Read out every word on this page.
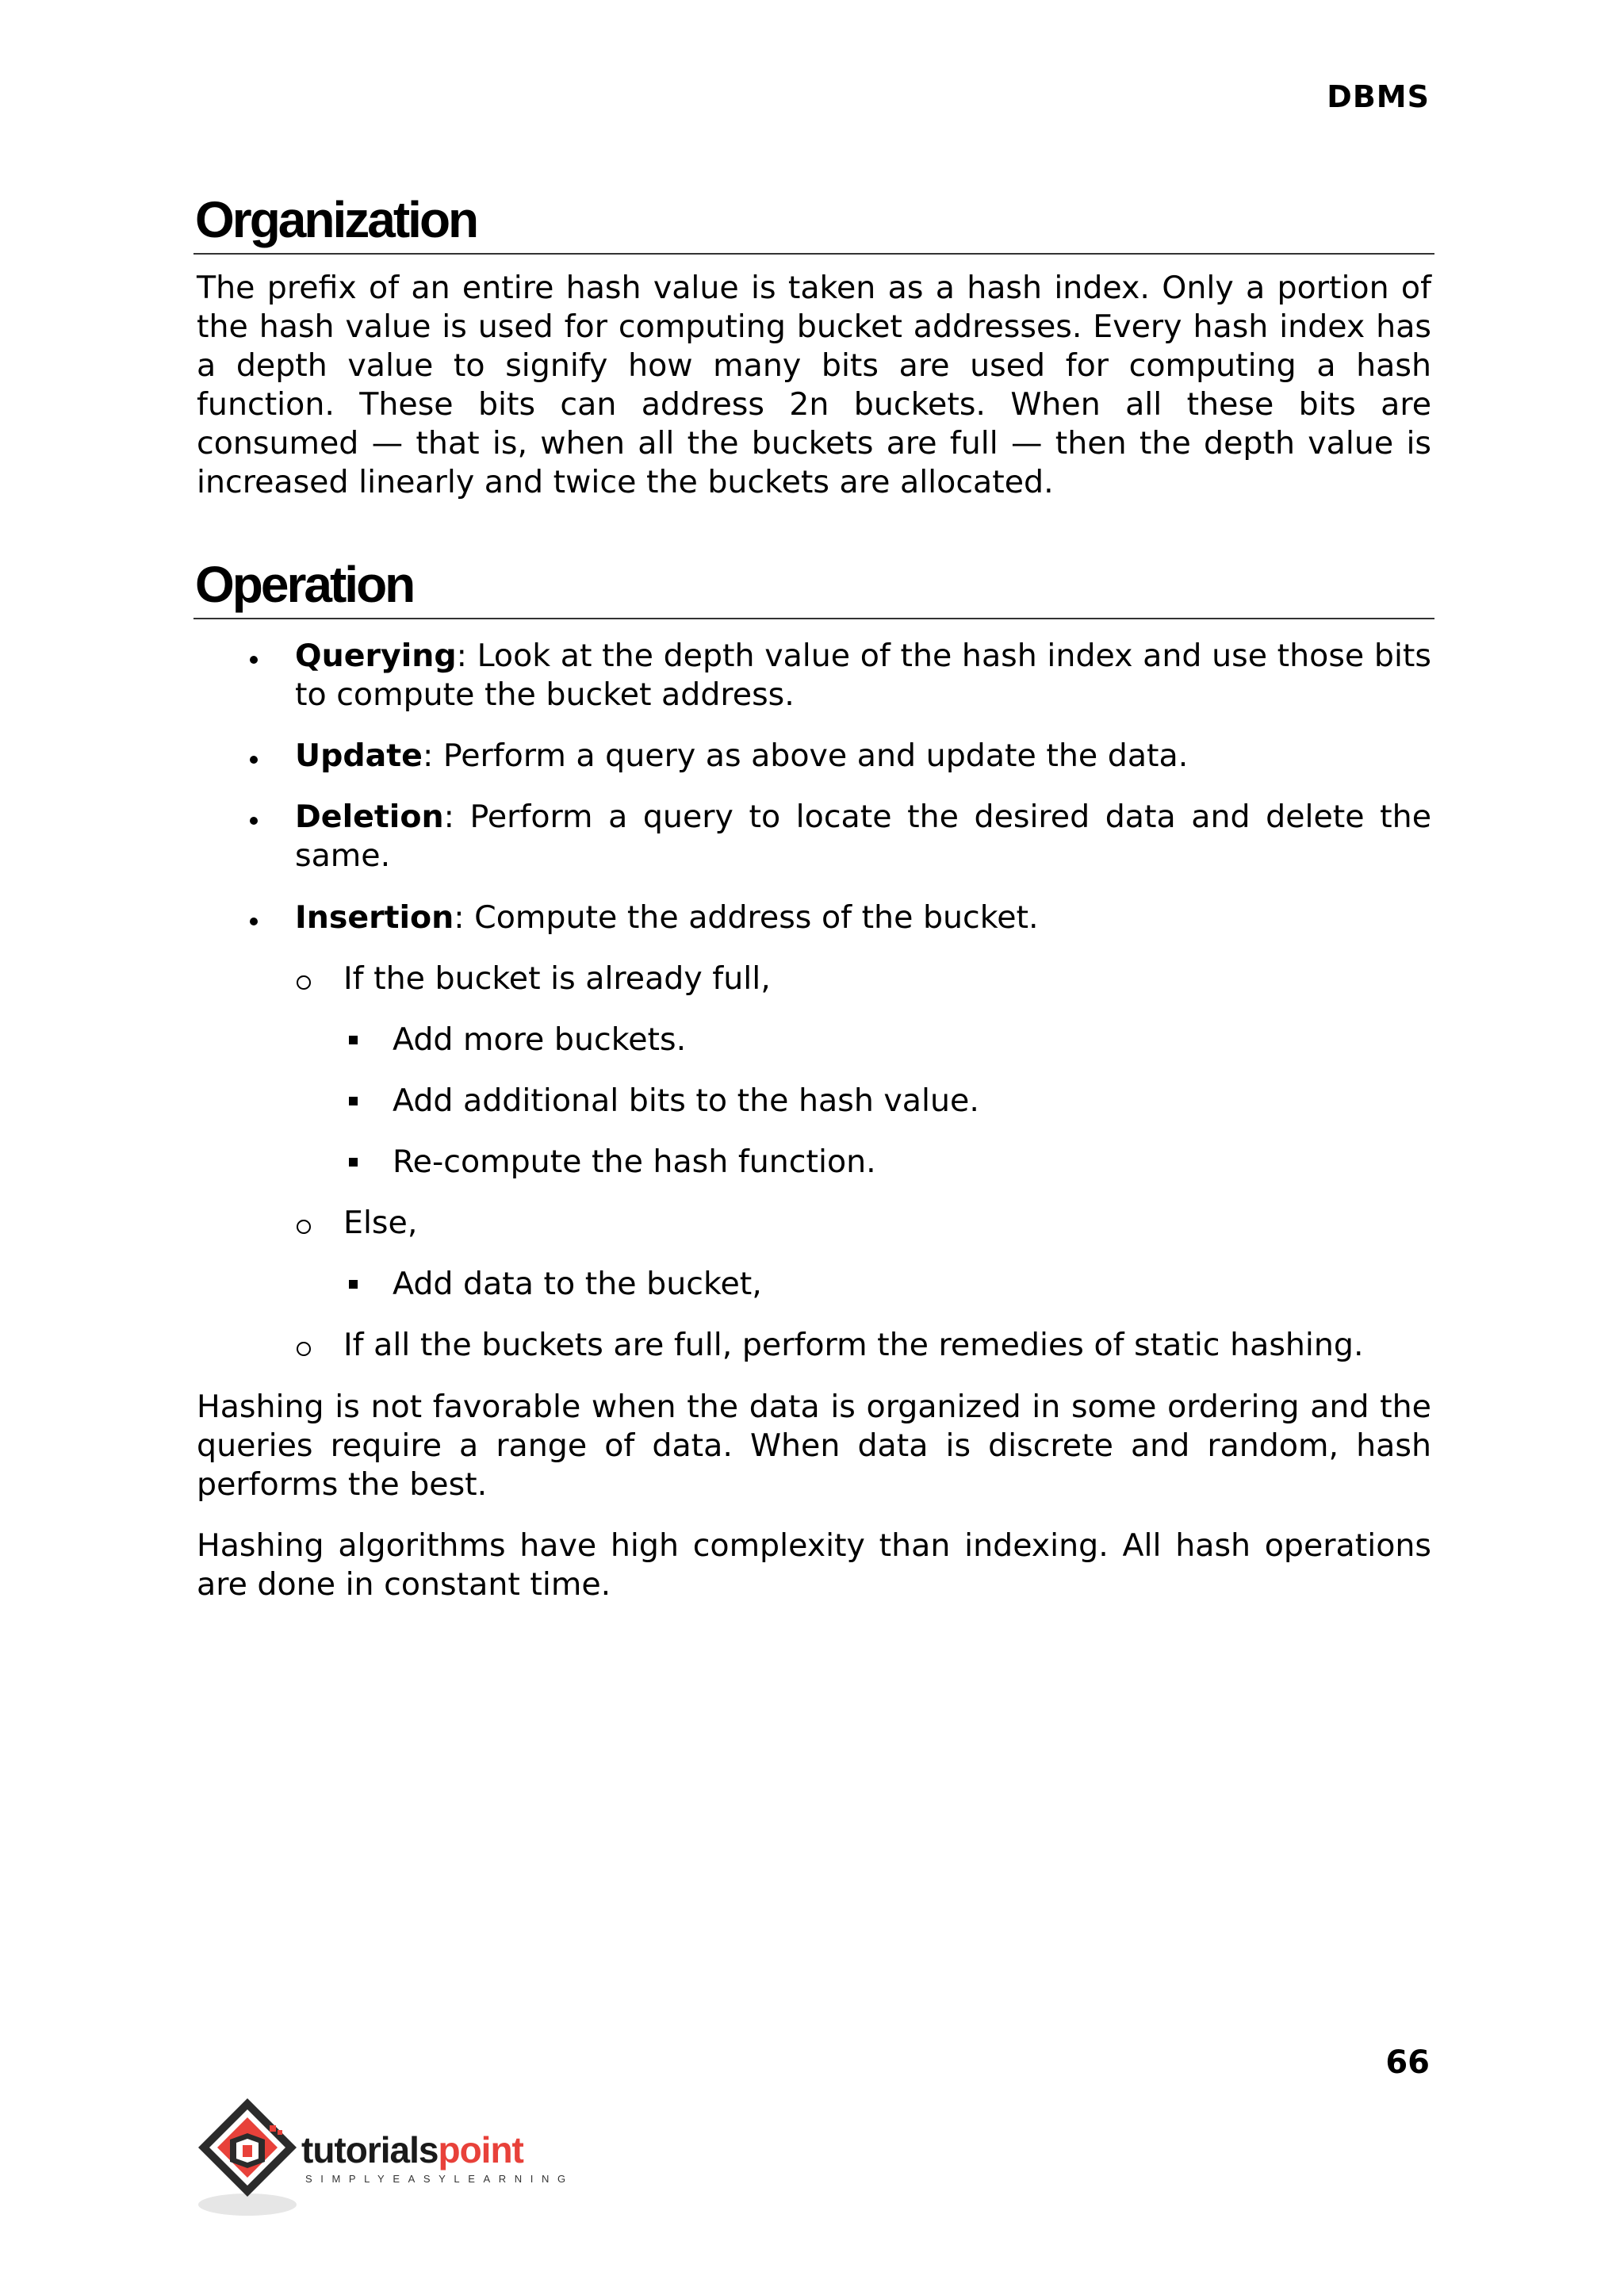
DBMS
Organization

The prefix of an entire hash value is taken as a hash index. Only a portion of the hash value is used for computing bucket addresses. Every hash index has a depth value to signify how many bits are used for computing a hash function. These bits can address 2n buckets. When all these bits are consumed — that is, when all the buckets are full — then the depth value is increased linearly and twice the buckets are allocated.

Operation
Querying: Look at the depth value of the hash index and use those bits to compute the bucket address.
Update: Perform a query as above and update the data.
Deletion: Perform a query to locate the desired data and delete the same.
Insertion: Compute the address of the bucket.
If the bucket is already full,
Add more buckets.
Add additional bits to the hash value.
Re-compute the hash function.
Else,
Add data to the bucket,
If all the buckets are full, perform the remedies of static hashing.

Hashing is not favorable when the data is organized in some ordering and the queries require a range of data. When data is discrete and random, hash performs the best.

Hashing algorithms have high complexity than indexing. All hash operations are done in constant time.

66
tutorialspoint
SIMPLYEASYLEARNING
